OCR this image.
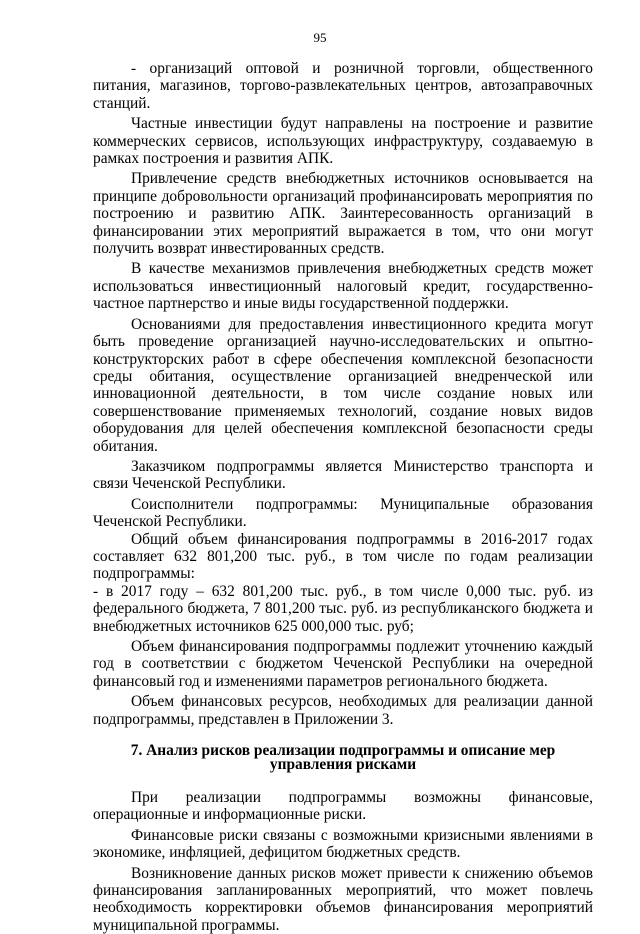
95

- организаций оптовой и розничной торговли, общественного питания, магазинов, торгово-развлекательных центров, автозаправочных станций.

Частные инвестиции будут направлены на построение и развитие коммерческих сервисов, использующих инфраструктуру, создаваемую в рамках построения и развития АПК.

Привлечение средств внебюджетных источников основывается на принципе добровольности организаций профинансировать мероприятия по построению и развитию АПК. Заинтересованность организаций в финансировании этих мероприятий выражается в том, что они могут получить возврат инвестированных средств.

В качестве механизмов привлечения внебюджетных средств может использоваться инвестиционный налоговый кредит, государственно-частное партнерство и иные виды государственной поддержки.

Основаниями для предоставления инвестиционного кредита могут быть проведение организацией научно-исследовательских и опытно-конструкторских работ в сфере обеспечения комплексной безопасности среды обитания, осуществление организацией внедренческой или инновационной деятельности, в том числе создание новых или совершенствование применяемых технологий, создание новых видов оборудования для целей обеспечения комплексной безопасности среды обитания.

Заказчиком подпрограммы является Министерство транспорта и связи Чеченской Республики.

Соисполнители подпрограммы: Муниципальные образования Чеченской Республики.

Общий объем финансирования подпрограммы в 2016-2017 годах составляет 632 801,200 тыс. руб., в том числе по годам реализации подпрограммы:

- в 2017 году – 632 801,200 тыс. руб., в том числе 0,000 тыс. руб. из федерального бюджета, 7 801,200 тыс. руб. из республиканского бюджета и внебюджетных источников 625 000,000 тыс. руб;

Объем финансирования подпрограммы подлежит уточнению каждый год в соответствии с бюджетом Чеченской Республики на очередной финансовый год и изменениями параметров регионального бюджета.

Объем финансовых ресурсов, необходимых для реализации данной подпрограммы, представлен в Приложении 3.

7. Анализ рисков реализации подпрограммы и описание мер
управления рисками

При реализации подпрограммы возможны финансовые, операционные и информационные риски.

Финансовые риски связаны с возможными кризисными явлениями в экономике, инфляцией, дефицитом бюджетных средств.

Возникновение данных рисков может привести к снижению объемов финансирования запланированных мероприятий, что может повлечь необходимость корректировки объемов финансирования мероприятий муниципальной программы.
